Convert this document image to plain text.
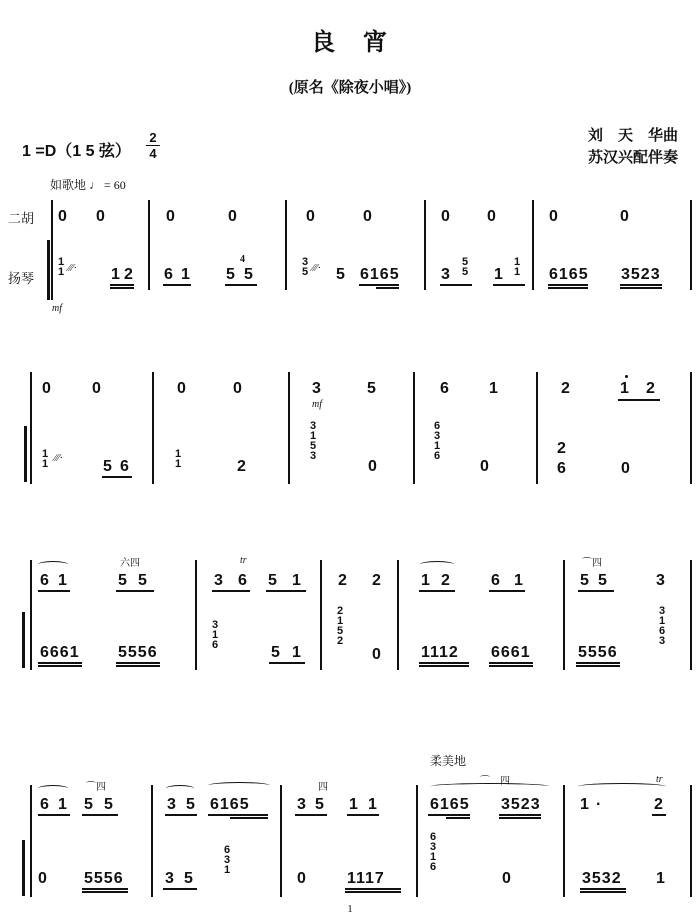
良　宵
(原名《除夜小唱》)
1 =D（1 5 弦）
2
4
刘　天　华曲
苏汉兴配伴奏
如歌地 ♩ = 60
二胡
扬琴
0 0	0	0	0	0	0 0	0	0
1
1 ⁄⁄⁄· 1 2 6 1 5
4
5
3
5 ⁄⁄⁄· 5 6165	3
5
5 1
1
1 6165 3523
mf
0	0	0	0	3	5	6	1	2	1 2
mf
1
1 ⁄⁄⁄· 5 6
1
1	2
3
1
5
3
0
6
3
1
6
0
2
6	0
6 1
六四
5 5
tr
3 6 5 1 2 2	1 2	6 1
⌒四
5 5	3
6661 5556
3
1
6	5 1
2
1
5
2
0	1112 6661	5556
3
1
6
3
柔美地
6 1
⌒四
5 5	3 5 6165
四
3 5 1 1
⌒　四
6165 3523
tr
1 ·	2
0 5556	3 5
6
3
1	0	1117
6
3
1
6
0	3532 1
1
